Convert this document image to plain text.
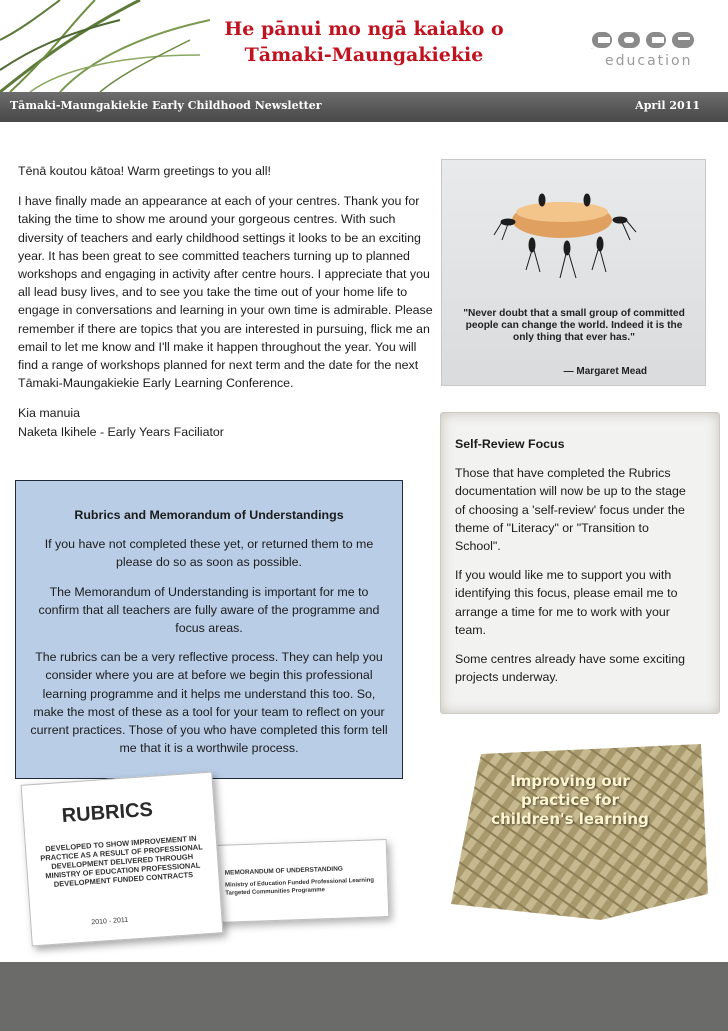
He pānui mo ngā kaiako o
Tāmaki-Maungakiekie	core
education
Tāmaki-Maungakiekie Early Childhood Newsletter	April 2011

Tēnā koutou kātoa! Warm greetings to you all!

I have finally made an appearance at each of your centres. Thank you for taking the time to show me around your gorgeous centres. With such diversity of teachers and early childhood settings it looks to be an exciting year. It has been great to see committed teachers turning up to planned workshops and engaging in activity after centre hours. I appreciate that you all lead busy lives, and to see you take the time out of your home life to engage in conversations and learning in your own time is admirable. Please remember if there are topics that you are interested in pursuing, flick me an email to let me know and I'll make it happen throughout the year. You will find a range of workshops planned for next term and the date for the next Tāmaki-Maungakiekie Early Learning Conference.

Kia manuia

Naketa Ikihele - Early Years Faciliator

"Never doubt that a small group of committed people can change the world. Indeed it is the only thing that ever has."
— Margaret Mead

Self-Review Focus

Those that have completed the Rubrics documentation will now be up to the stage of choosing a 'self-review' focus under the theme of "Literacy" or "Transition to School".

If you would like me to support you with identifying this focus, please email me to arrange a time for me to work with your team.

Some centres already have some exciting projects underway.

Rubrics and Memorandum of Understandings

If you have not completed these yet, or returned them to me please do so as soon as possible.

The Memorandum of Understanding is important for me to confirm that all teachers are fully aware of the programme and focus areas.

The rubrics can be a very reflective process. They can help you consider where you are at before we begin this professional learning programme and it helps me understand this too. So, make the most of these as a tool for your team to reflect on your current practices. Those of you who have completed this form tell me that it is a worthwile process.

MEMORANDUM OF UNDERSTANDING
Ministry of Education Funded Professional Learning Targeted Communities Programme
RUBRICS
DEVELOPED TO SHOW IMPROVEMENT IN PRACTICE AS A RESULT OF PROFESSIONAL DEVELOPMENT DELIVERED THROUGH MINISTRY OF EDUCATION PROFESSIONAL DEVELOPMENT FUNDED CONTRACTS
2010 - 2011
Improving our practice for children's learning
